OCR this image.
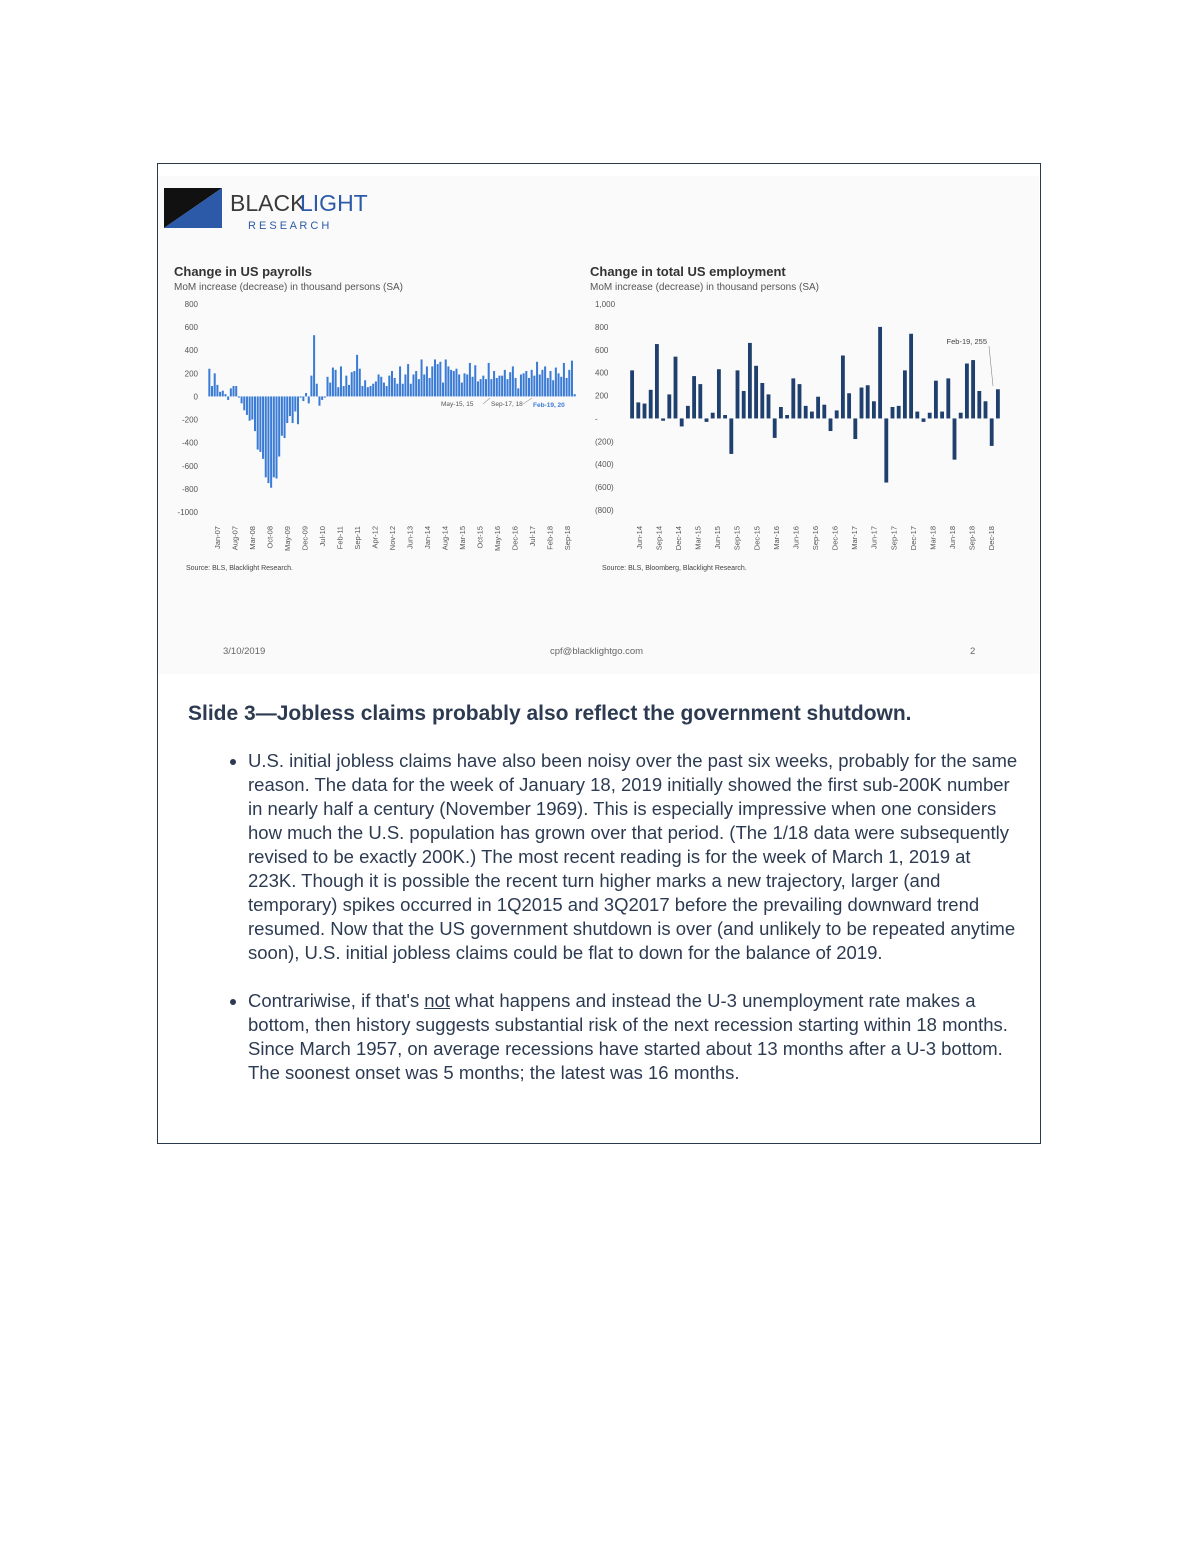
BLACK
LIGHT
R E S E A R C H
Change in US payrolls
MoM increase (decrease) in thousand persons (SA)
Change in total US employment
MoM increase (decrease) in thousand persons (SA)
800
600
400
200
0
-200
-400
-600
-800
-1000
Jan-07 Aug-07 Mar-08 Oct-08 May-09 Dec-09 Jul-10 Feb-11 Sep-11 Apr-12 Nov-12 Jun-13 Jan-14 Aug-14 Mar-15 Oct-15 May-16 Dec-16 Jul-17 Feb-18 Sep-18
May-15, 15	Sep-17, 18 Feb-19, 20
1,000
800
600
400
200
-
(200)
(400)
(600)
(800)
Jun-14 Sep-14 Dec-14 Mar-15 Jun-15 Sep-15 Dec-15 Mar-16 Jun-16 Sep-16 Dec-16 Mar-17 Jun-17 Sep-17 Dec-17 Mar-18 Jun-18 Sep-18 Dec-18
Feb-19, 255
Source: BLS, Blacklight Research.	Source: BLS, Bloomberg, Blacklight Research.
3/10/2019	cpf@blacklightgo.com	2
Slide 3—Jobless claims probably also reflect the government shutdown.
• U.S. initial jobless claims have also been noisy over the past six weeks, probably for the same reason. The data for the week of January 18, 2019 initially showed the first sub-200K number in nearly half a century (November 1969). This is especially impressive when one considers how much the U.S. population has grown over that period. (The 1/18 data were subsequently revised to be exactly 200K.) The most recent reading is for the week of March 1, 2019 at 223K. Though it is possible the recent turn higher marks a new trajectory, larger (and temporary) spikes occurred in 1Q2015 and 3Q2017 before the prevailing downward trend resumed. Now that the US government shutdown is over (and unlikely to be repeated anytime soon), U.S. initial jobless claims could be flat to down for the balance of 2019.
• Contrariwise, if that's not what happens and instead the U-3 unemployment rate makes a bottom, then history suggests substantial risk of the next recession starting within 18 months. Since March 1957, on average recessions have started about 13 months after a U-3 bottom. The soonest onset was 5 months; the latest was 16 months.
